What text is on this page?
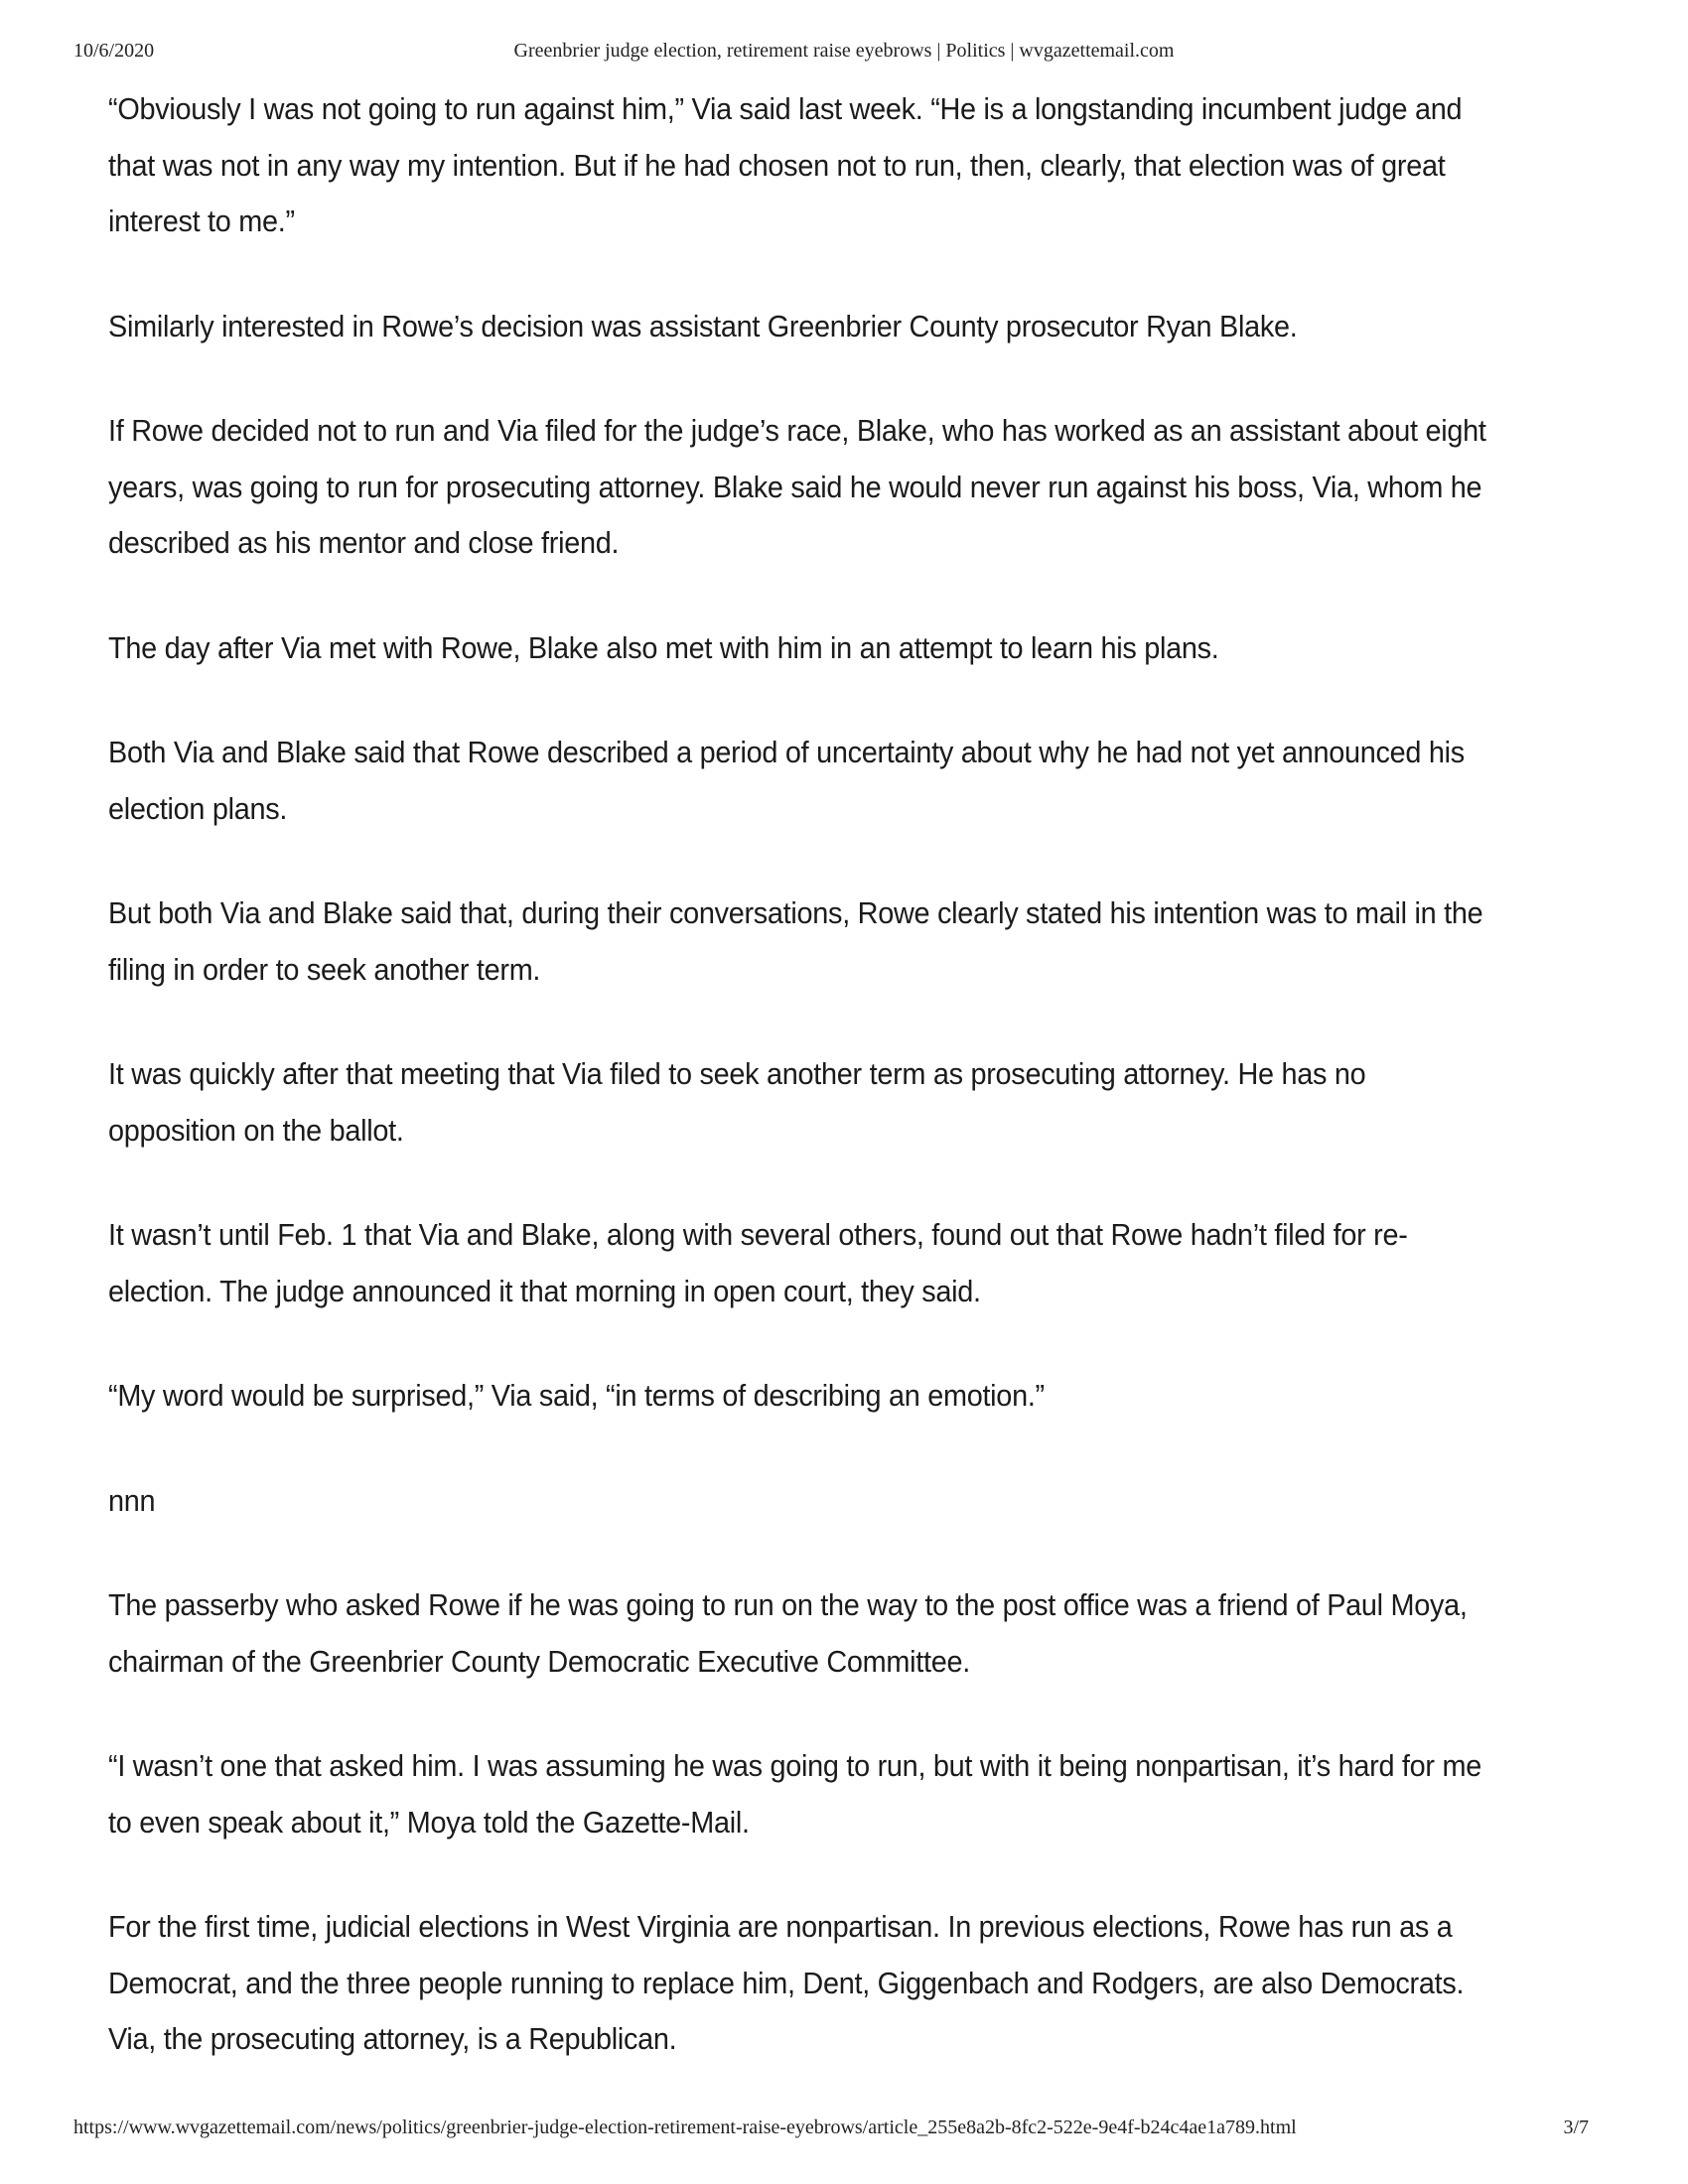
10/6/2020	Greenbrier judge election, retirement raise eyebrows | Politics | wvgazettemail.com

“Obviously I was not going to run against him,” Via said last week. “He is a longstanding incumbent judge and that was not in any way my intention. But if he had chosen not to run, then, clearly, that election was of great interest to me.”

Similarly interested in Rowe’s decision was assistant Greenbrier County prosecutor Ryan Blake.

If Rowe decided not to run and Via filed for the judge’s race, Blake, who has worked as an assistant about eight years, was going to run for prosecuting attorney. Blake said he would never run against his boss, Via, whom he described as his mentor and close friend.

The day after Via met with Rowe, Blake also met with him in an attempt to learn his plans.

Both Via and Blake said that Rowe described a period of uncertainty about why he had not yet announced his election plans.

But both Via and Blake said that, during their conversations, Rowe clearly stated his intention was to mail in the filing in order to seek another term.

It was quickly after that meeting that Via filed to seek another term as prosecuting attorney. He has no opposition on the ballot.

It wasn’t until Feb. 1 that Via and Blake, along with several others, found out that Rowe hadn’t filed for re-election. The judge announced it that morning in open court, they said.

“My word would be surprised,” Via said, “in terms of describing an emotion.”

nnn

The passerby who asked Rowe if he was going to run on the way to the post office was a friend of Paul Moya, chairman of the Greenbrier County Democratic Executive Committee.

“I wasn’t one that asked him. I was assuming he was going to run, but with it being nonpartisan, it’s hard for me to even speak about it,” Moya told the Gazette-Mail.

For the first time, judicial elections in West Virginia are nonpartisan. In previous elections, Rowe has run as a Democrat, and the three people running to replace him, Dent, Giggenbach and Rodgers, are also Democrats. Via, the prosecuting attorney, is a Republican.

https://www.wvgazettemail.com/news/politics/greenbrier-judge-election-retirement-raise-eyebrows/article_255e8a2b-8fc2-522e-9e4f-b24c4ae1a789.html	3/7
